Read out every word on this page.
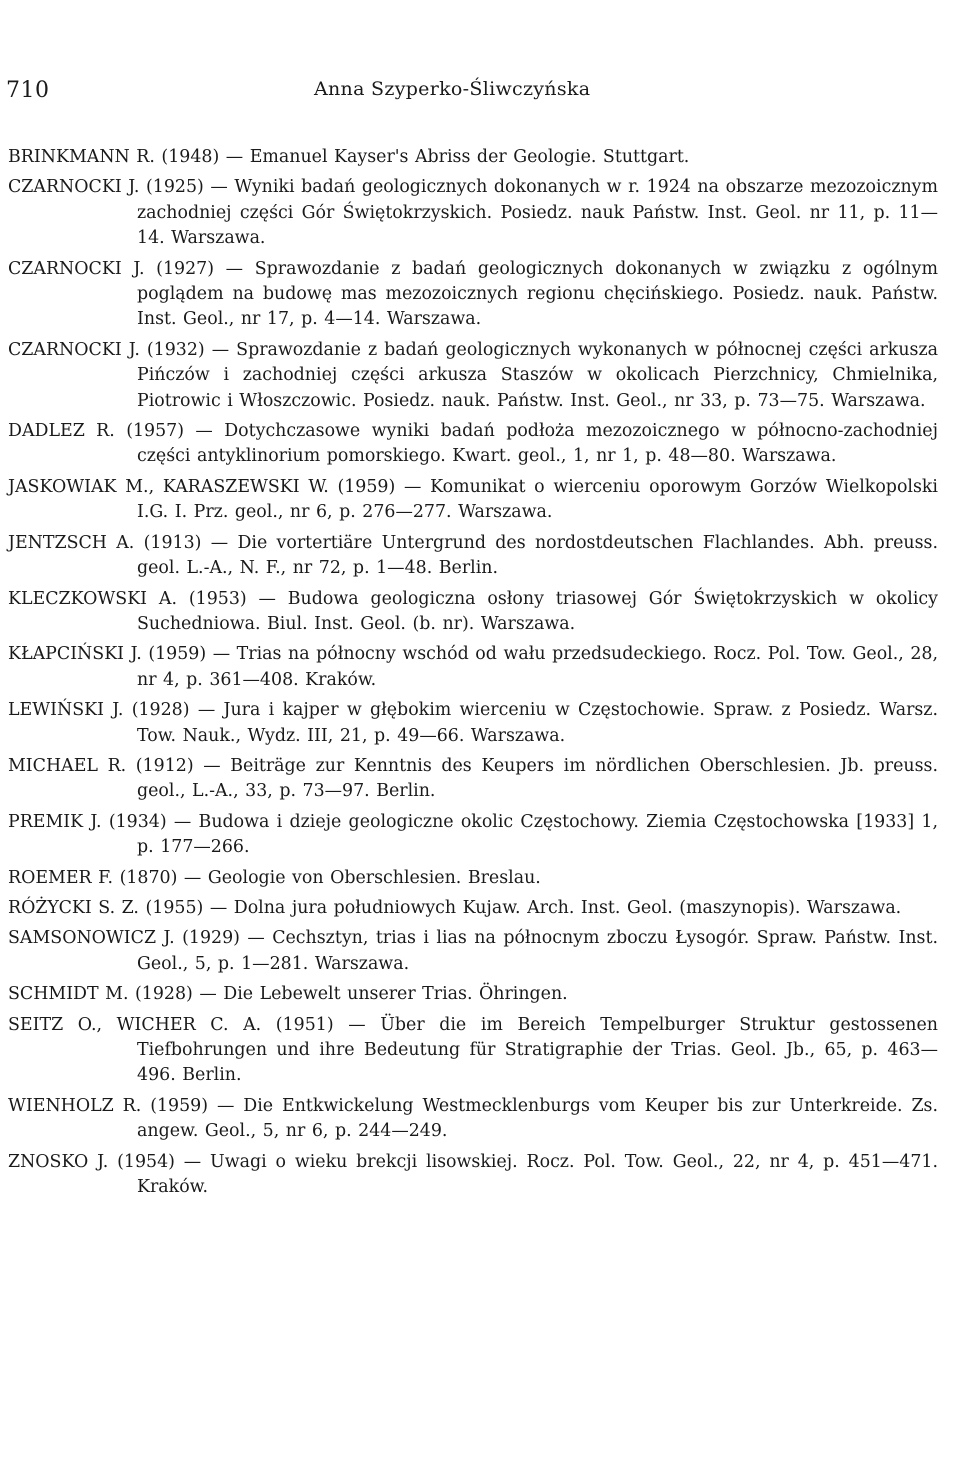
710	Anna Szyperko-Śliwczyńska
BRINKMANN R. (1948) — Emanuel Kayser's Abriss der Geologie. Stuttgart.
CZARNOCKI J. (1925) — Wyniki badań geologicznych dokonanych w r. 1924 na obszarze mezozoicznym zachodniej części Gór Świętokrzyskich. Posiedz. nauk Państw. Inst. Geol. nr 11, p. 11—14. Warszawa.
CZARNOCKI J. (1927) — Sprawozdanie z badań geologicznych dokonanych w związku z ogólnym poglądem na budowę mas mezozoicznych regionu chęcińskiego. Posiedz. nauk. Państw. Inst. Geol., nr 17, p. 4—14. Warszawa.
CZARNOCKI J. (1932) — Sprawozdanie z badań geologicznych wykonanych w północnej części arkusza Pińczów i zachodniej części arkusza Staszów w okolicach Pierzchnicy, Chmielnika, Piotrowic i Włoszczowic. Posiedz. nauk. Państw. Inst. Geol., nr 33, p. 73—75. Warszawa.
DADLEZ R. (1957) — Dotychczasowe wyniki badań podłoża mezozoicznego w północno-zachodniej części antyklinorium pomorskiego. Kwart. geol., 1, nr 1, p. 48—80. Warszawa.
JASKOWIAK M., KARASZEWSKI W. (1959) — Komunikat o wierceniu oporowym Gorzów Wielkopolski I.G. I. Prz. geol., nr 6, p. 276—277. Warszawa.
JENTZSCH A. (1913) — Die vortertiäre Untergrund des nordostdeutschen Flachlandes. Abh. preuss. geol. L.-A., N. F., nr 72, p. 1—48. Berlin.
KLECZKOWSKI A. (1953) — Budowa geologiczna osłony triasowej Gór Świętokrzyskich w okolicy Suchedniowa. Biul. Inst. Geol. (b. nr). Warszawa.
KŁAPCIŃSKI J. (1959) — Trias na północny wschód od wału przedsudeckiego. Rocz. Pol. Tow. Geol., 28, nr 4, p. 361—408. Kraków.
LEWIŃSKI J. (1928) — Jura i kajper w głębokim wierceniu w Częstochowie. Spraw. z Posiedz. Warsz. Tow. Nauk., Wydz. III, 21, p. 49—66. Warszawa.
MICHAEL R. (1912) — Beiträge zur Kenntnis des Keupers im nördlichen Oberschlesien. Jb. preuss. geol., L.-A., 33, p. 73—97. Berlin.
PREMIK J. (1934) — Budowa i dzieje geologiczne okolic Częstochowy. Ziemia Częstochowska [1933] 1, p. 177—266.
ROEMER F. (1870) — Geologie von Oberschlesien. Breslau.
RÓŻYCKI S. Z. (1955) — Dolna jura południowych Kujaw. Arch. Inst. Geol. (maszynopis). Warszawa.
SAMSONOWICZ J. (1929) — Cechsztyn, trias i lias na północnym zboczu Łysogór. Spraw. Państw. Inst. Geol., 5, p. 1—281. Warszawa.
SCHMIDT M. (1928) — Die Lebewelt unserer Trias. Öhringen.
SEITZ O., WICHER C. A. (1951) — Über die im Bereich Tempelburger Struktur gestossenen Tiefbohrungen und ihre Bedeutung für Stratigraphie der Trias. Geol. Jb., 65, p. 463—496. Berlin.
WIENHOLZ R. (1959) — Die Entkwickelung Westmecklenburgs vom Keuper bis zur Unterkreide. Zs. angew. Geol., 5, nr 6, p. 244—249.
ZNOSKO J. (1954) — Uwagi o wieku brekcji lisowskiej. Rocz. Pol. Tow. Geol., 22, nr 4, p. 451—471. Kraków.
